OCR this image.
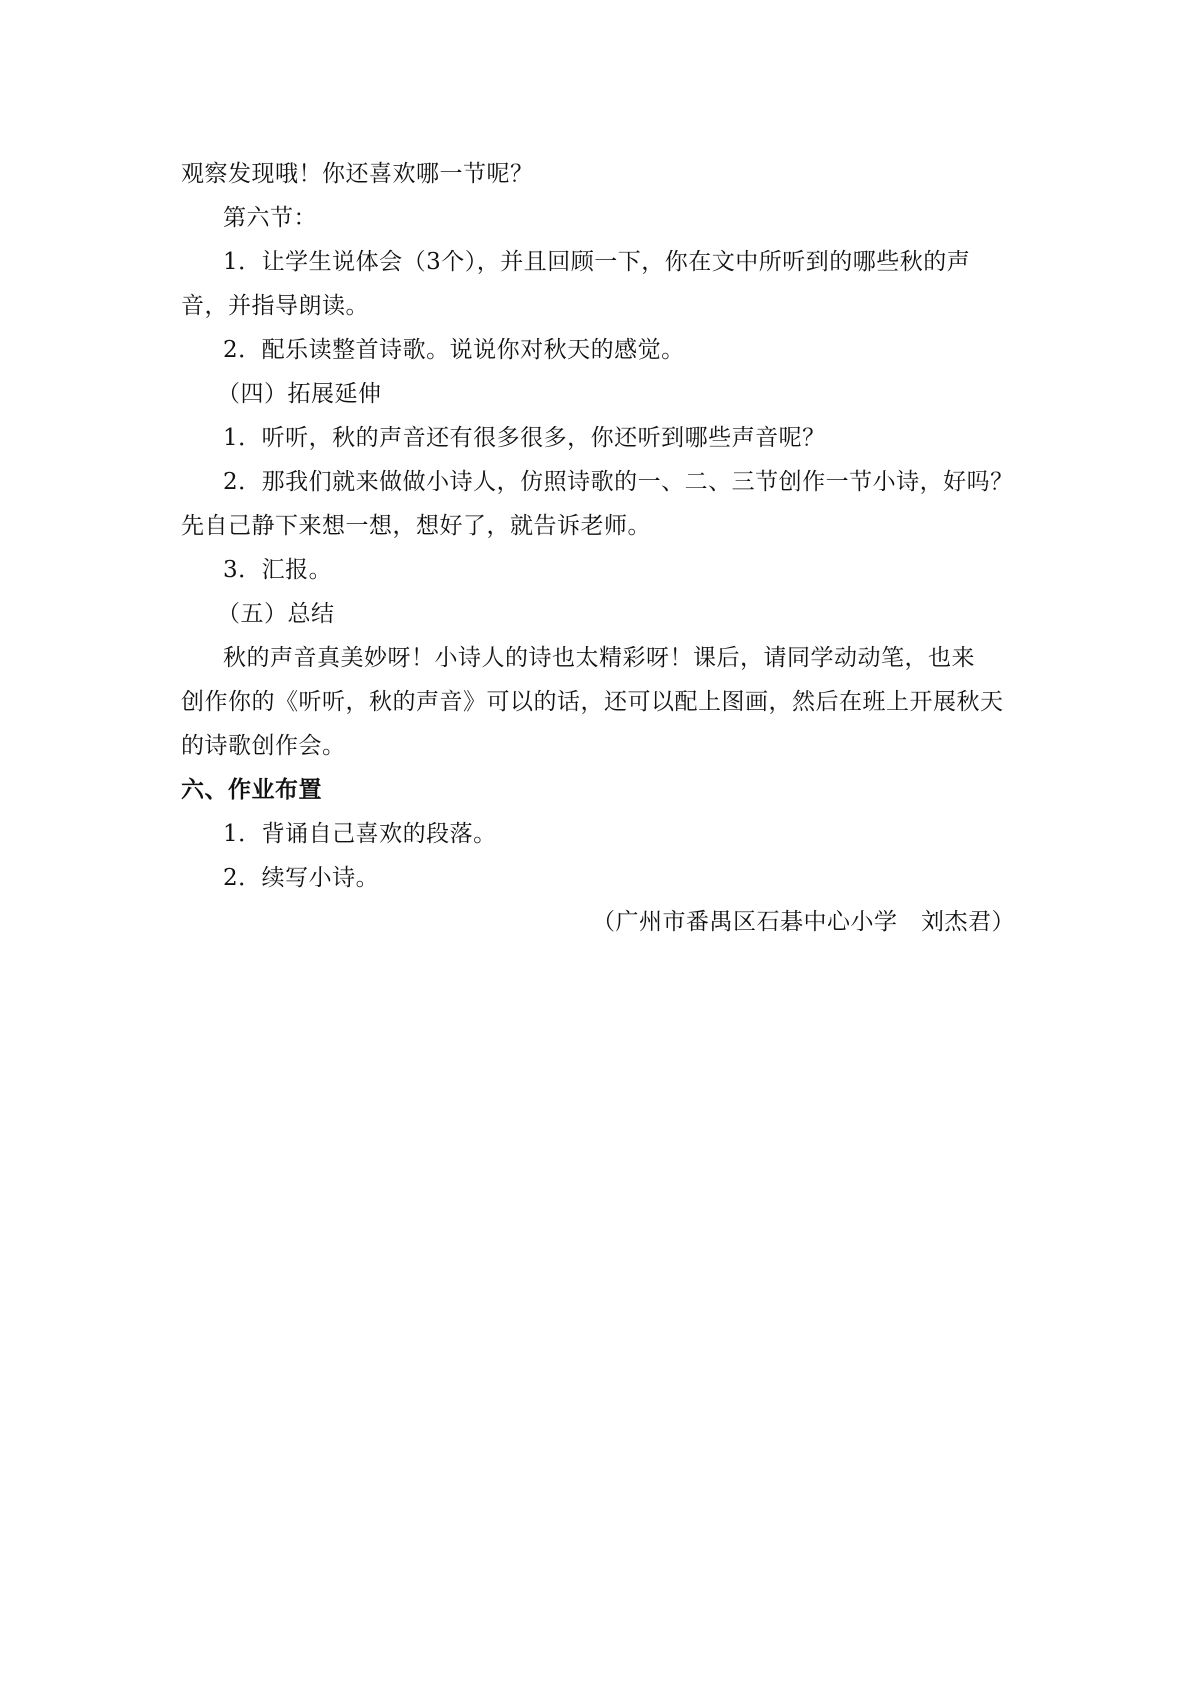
观察发现哦！你还喜欢哪一节呢？
第六节：
1．让学生说体会（3个），并且回顾一下，你在文中所听到的哪些秋的声
音，并指导朗读。
2．配乐读整首诗歌。说说你对秋天的感觉。
（四）拓展延伸
1．听听，秋的声音还有很多很多，你还听到哪些声音呢？
2．那我们就来做做小诗人，仿照诗歌的一、二、三节创作一节小诗，好吗？
先自己静下来想一想，想好了，就告诉老师。
3．汇报。
（五）总结
秋的声音真美妙呀！小诗人的诗也太精彩呀！课后，请同学动动笔，也来
创作你的《听听，秋的声音》可以的话，还可以配上图画，然后在班上开展秋天
的诗歌创作会。
六、作业布置
1．背诵自己喜欢的段落。
2．续写小诗。
（广州市番禺区石碁中心小学　刘杰君）
